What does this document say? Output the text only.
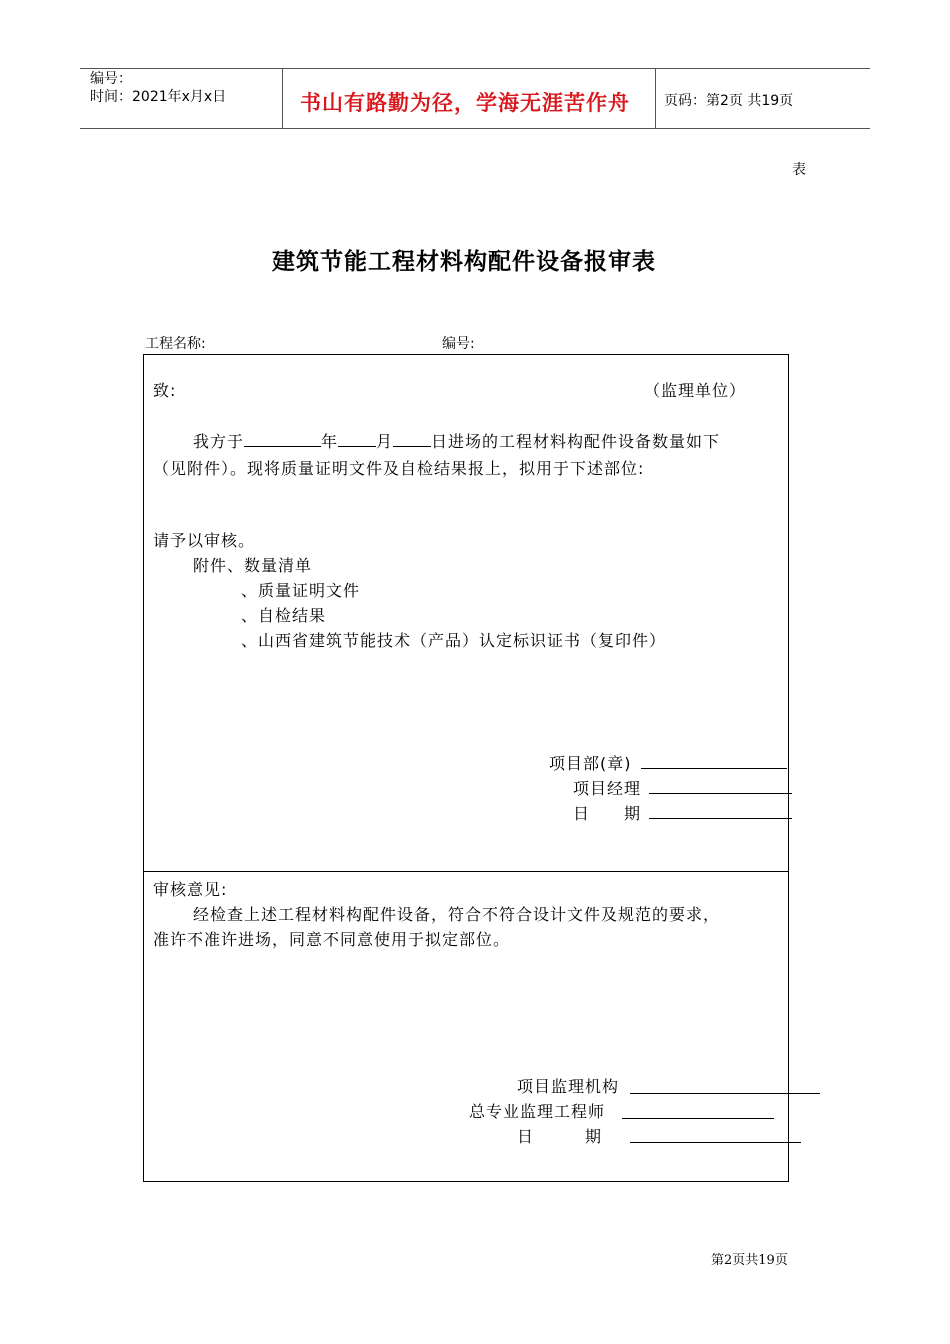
编号：
时间：2021年x月x日	书山有路勤为径，学海无涯苦作舟 页码：第2页 共19页
表
建筑节能工程材料构配件设备报审表
工程名称:	编号:
致:	（监理单位）
我方于	年 月 日进场的工程材料构配件设备数量如下
（见附件）。现将质量证明文件及自检结果报上，拟用于下述部位:
请予以审核。
附件、数量清单
、质量证明文件
、自检结果
、山西省建筑节能技术（产品）认定标识证书（复印件）
项目部(章)
项目经理
日　　期
审核意见:
经检查上述工程材料构配件设备，符合不符合设计文件及规范的要求，
准许不准许进场，同意不同意使用于拟定部位。
项目监理机构
总专业监理工程师
日　　　期
第2页共19页
